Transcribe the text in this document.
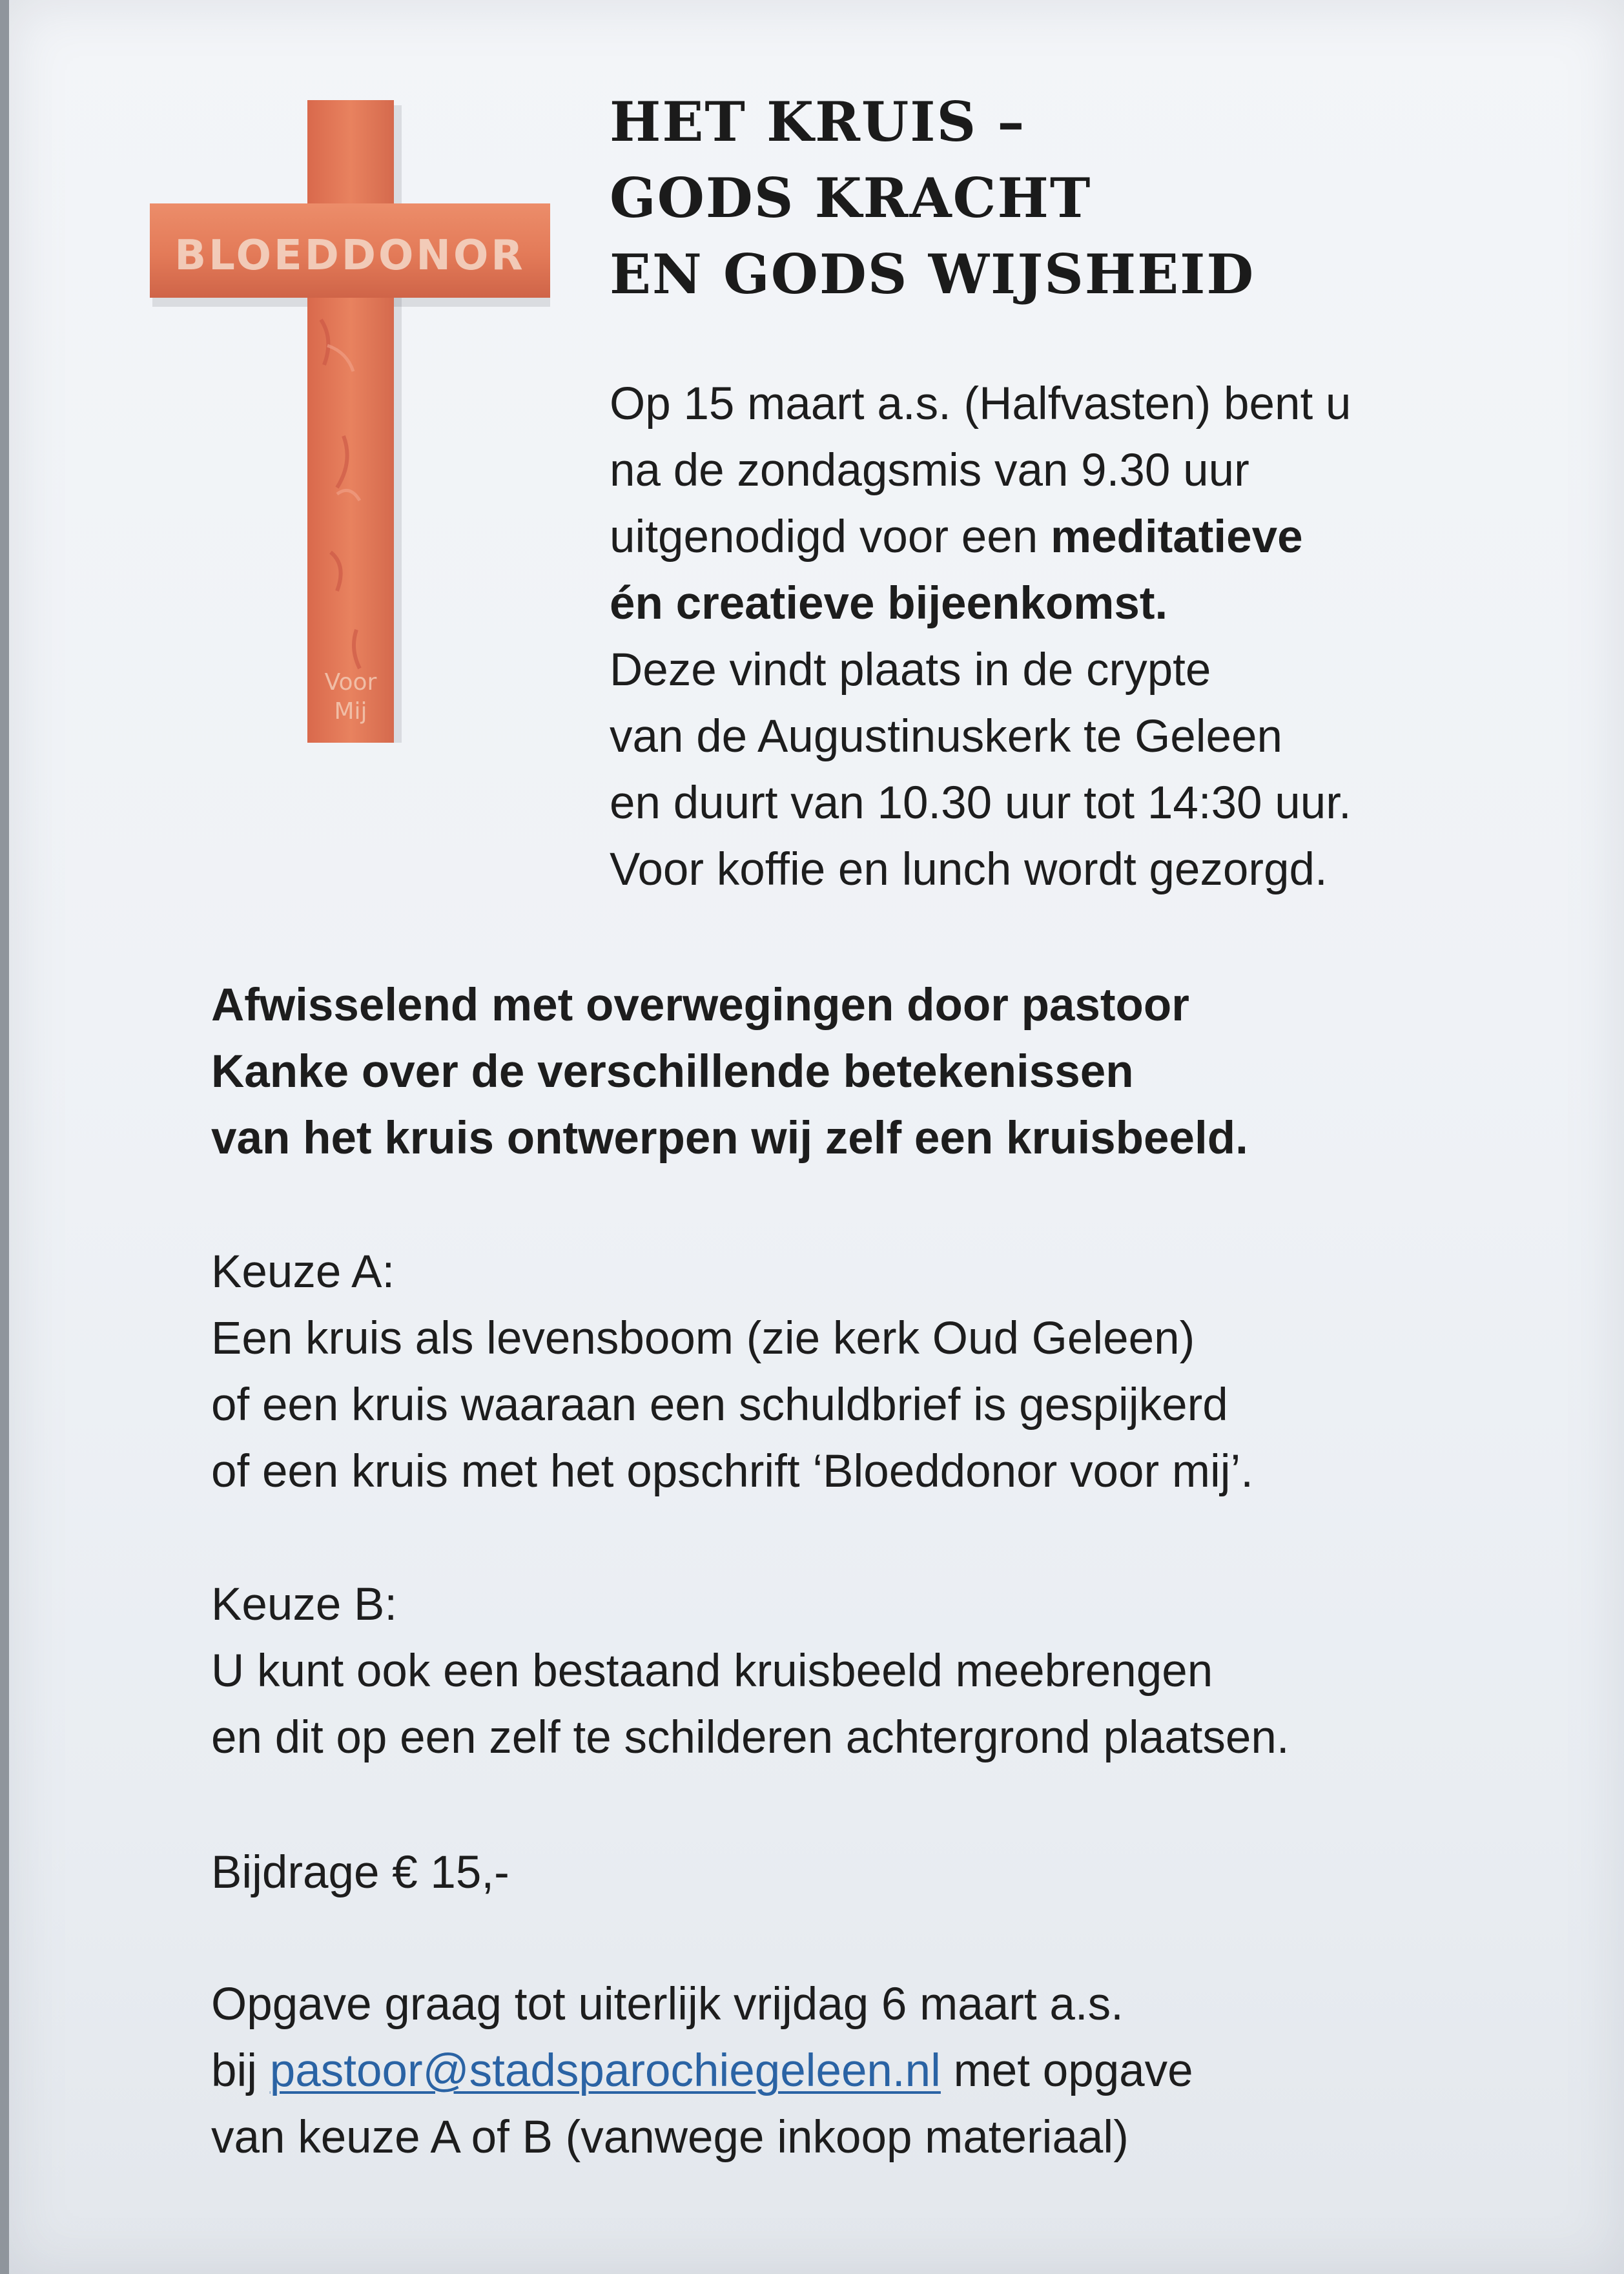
BLOEDDONOR
Voor
Mij
HET KRUIS –
GODS KRACHT
EN GODS WIJSHEID
Op 15 maart a.s. (Halfvasten) bent u
na de zondagsmis van 9.30 uur
uitgenodigd voor een meditatieve
én creatieve bijeenkomst.
Deze vindt plaats in de crypte
van de Augustinuskerk te Geleen
en duurt van 10.30 uur tot 14:30 uur.
Voor koffie en lunch wordt gezorgd.
Afwisselend met overwegingen door pastoor
Kanke over de verschillende betekenissen
van het kruis ontwerpen wij zelf een kruisbeeld.
Keuze A:
Een kruis als levensboom (zie kerk Oud Geleen)
of een kruis waaraan een schuldbrief is gespijkerd
of een kruis met het opschrift ‘Bloeddonor voor mij’.
Keuze B:
U kunt ook een bestaand kruisbeeld meebrengen
en dit op een zelf te schilderen achtergrond plaatsen.
Bijdrage € 15,-
Opgave graag tot uiterlijk vrijdag 6 maart a.s.
bij pastoor@stadsparochiegeleen.nl met opgave
van keuze A of B (vanwege inkoop materiaal)
